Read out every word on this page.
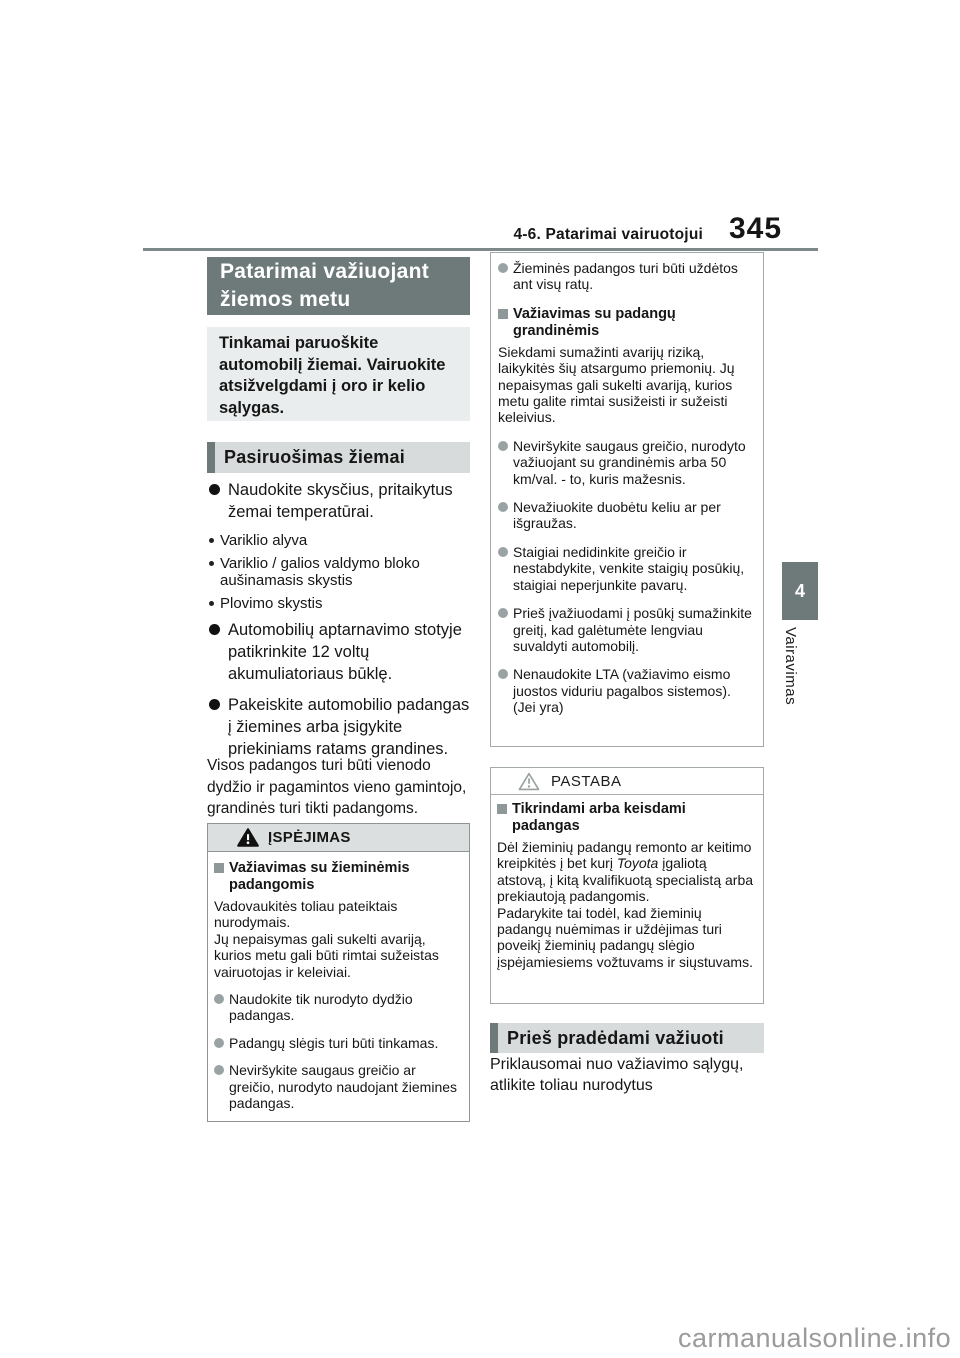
4-6. Patarimai vairuotojui 345
Patarimai važiuojant žiemos metu
Tinkamai paruoškite automobilį žiemai. Vairuokite atsižvelgdami į oro ir kelio sąlygas.
Pasiruošimas žiemai
Naudokite skysčius, pritaikytus žemai temperatūrai.
Variklio alyva
Variklio / galios valdymo bloko aušinamasis skystis
Plovimo skystis
Automobilių aptarnavimo stotyje patikrinkite 12 voltų akumuliatoriaus būklę.
Pakeiskite automobilio padangas į žiemines arba įsigykite priekiniams ratams grandines.
Visos padangos turi būti vienodo dydžio ir pagamintos vieno gamintojo, grandinės turi tikti padangoms.
ĮSPĖJIMAS
Važiavimas su žieminėmis padangomis
Vadovaukitės toliau pateiktais nurodymais.
Jų nepaisymas gali sukelti avariją, kurios metu gali būti rimtai sužeistas vairuotojas ir keleiviai.
Naudokite tik nurodyto dydžio padangas.
Padangų slėgis turi būti tinkamas.
Neviršykite saugaus greičio ar greičio, nurodyto naudojant žiemines padangas.
Žieminės padangos turi būti uždėtos ant visų ratų.
Važiavimas su padangų grandinėmis
Siekdami sumažinti avarijų riziką, laikykitės šių atsargumo priemonių. Jų nepaisymas gali sukelti avariją, kurios metu galite rimtai susižeisti ir sužeisti keleivius.
Neviršykite saugaus greičio, nurodyto važiuojant su grandinėmis arba 50 km/val. - to, kuris mažesnis.
Nevažiuokite duobėtu keliu ar per išgraužas.
Staigiai nedidinkite greičio ir nestabdykite, venkite staigių posūkių, staigiai neperjunkite pavarų.
Prieš įvažiuodami į posūkį sumažinkite greitį, kad galėtumėte lengviau suvaldyti automobilį.
Nenaudokite LTA (važiavimo eismo juostos viduriu pagalbos sistemos). (Jei yra)
PASTABA
Tikrindami arba keisdami padangas
Dėl žieminių padangų remonto ar keitimo kreipkitės į bet kurį Toyota įgaliotą atstovą, į kitą kvalifikuotą specialistą arba prekiautoją padangomis.
Padarykite tai todėl, kad žieminių padangų nuėmimas ir uždėjimas turi poveikį žieminių padangų slėgio įspėjamiesiems vožtuvams ir siųstuvams.
Prieš pradėdami važiuoti
Priklausomai nuo važiavimo sąlygų, atlikite toliau nurodytus
4
Vairavimas
carmanualsonline.info
